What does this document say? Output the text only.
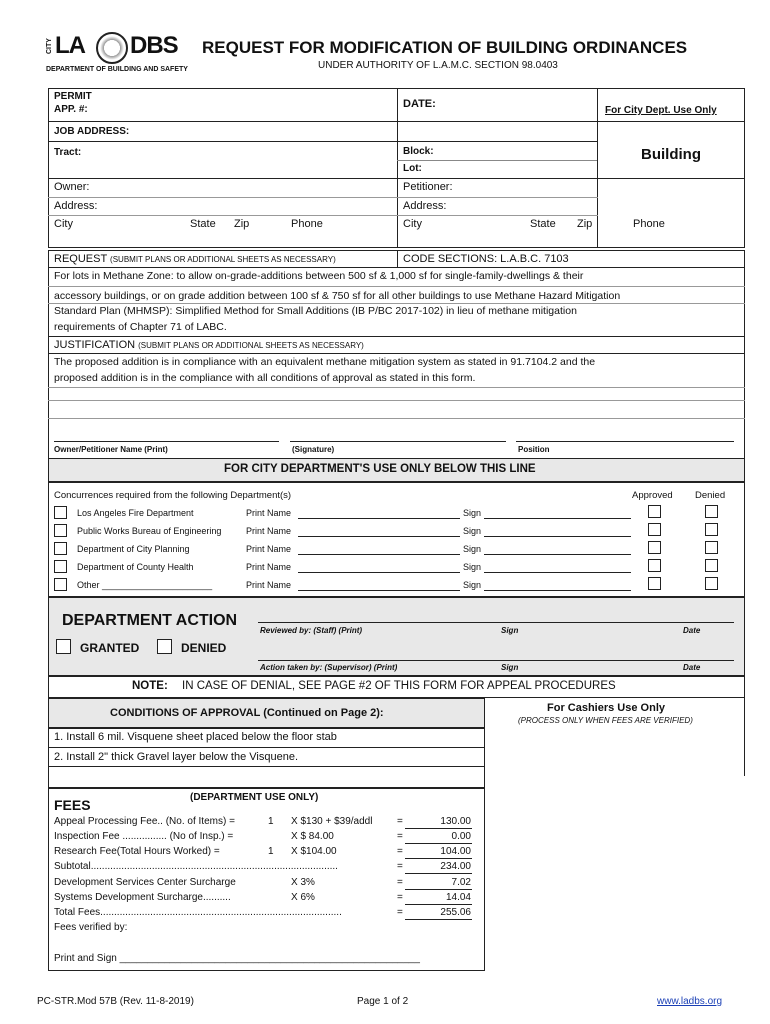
CITY LA DBS
DEPARTMENT OF BUILDING AND SAFETY
REQUEST FOR MODIFICATION OF BUILDING ORDINANCES
UNDER AUTHORITY OF L.A.M.C. SECTION 98.0403
PERMIT
APP. #:	DATE:
For City Dept. Use Only
JOB ADDRESS:
Tract:	Block:
Lot:
Building
Owner:	Petitioner:
Address:	Address:
City	State Zip	Phone	City	State Zip	Phone
REQUEST (SUBMIT PLANS OR ADDITIONAL SHEETS AS NECESSARY)	CODE SECTIONS: L.A.B.C. 7103
For lots in Methane Zone: to allow on-grade-additions between 500 sf & 1,000 sf for single-family-dwellings & their
accessory buildings, or on grade addition between 100 sf & 750 sf for all other buildings to use Methane Hazard Mitigation
Standard Plan (MHMSP): Simplified Method for Small Additions (IB P/BC 2017-102) in lieu of methane mitigation
requirements of Chapter 71 of LABC.
JUSTIFICATION (SUBMIT PLANS OR ADDITIONAL SHEETS AS NECESSARY)
The proposed addition is in compliance with an equivalent methane mitigation system as stated in 91.7104.2 and the
proposed addition is in the compliance with all conditions of approval as stated in this form.
Owner/Petitioner Name (Print)	(Signature)	Position
FOR CITY DEPARTMENT'S USE ONLY BELOW THIS LINE
Concurrences required from the following Department(s)	Approved Denied
Los Angeles Fire Department	Print Name	Sign
Public Works Bureau of Engineering	Print Name	Sign
Department of City Planning	Print Name	Sign
Department of County Health	Print Name	Sign
Other ______________________	Print Name	Sign
DEPARTMENT ACTION
GRANTED	DENIED
Reviewed by: (Staff) (Print)	Sign	Date
Action taken by: (Supervisor) (Print)	Sign	Date
NOTE: IN CASE OF DENIAL, SEE PAGE #2 OF THIS FORM FOR APPEAL PROCEDURES
CONDITIONS OF APPROVAL (Continued on Page 2):
1. Install 6 mil. Visquene sheet placed below the floor stab
2. Install 2" thick Gravel layer below the Visquene.
For Cashiers Use Only
(PROCESS ONLY WHEN FEES ARE VERIFIED)
FEES	(DEPARTMENT USE ONLY)
Appeal Processing Fee.. (No. of Items) =	1 X $130 + $39/addl =	130.00
Inspection Fee ................ (No of Insp.) =	X $ 84.00	=	0.00
Research Fee(Total Hours Worked) =	1 X $104.00	=	104.00
Subtotal.........................................................................................	=	234.00
Development Services Center Surcharge	X 3%	=	7.02
Systems Development Surcharge..........	X 6%	=	14.04
Total Fees.......................................................................................	=	255.06
Fees verified by:
Print and Sign ______________________________________________________
PC-STR.Mod 57B (Rev. 11-8-2019)	Page 1 of 2	www.ladbs.org
